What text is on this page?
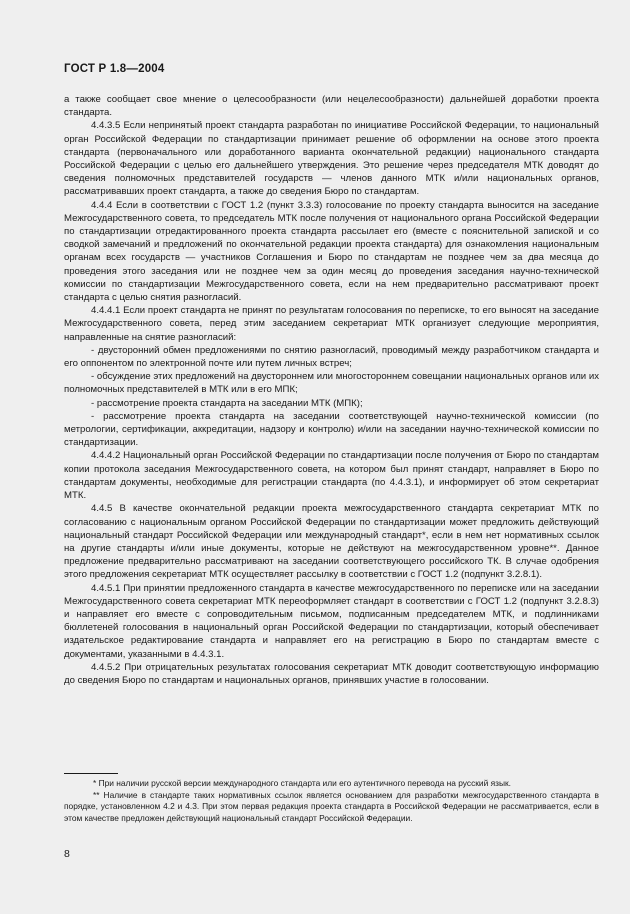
ГОСТ Р 1.8—2004

а также сообщает свое мнение о целесообразности (или нецелесообразности) дальнейшей доработки проекта стандарта.

4.4.3.5 Если непринятый проект стандарта разработан по инициативе Российской Федерации, то национальный орган Российской Федерации по стандартизации принимает решение об оформлении на основе этого проекта стандарта (первоначального или доработанного варианта окончательной редакции) национального стандарта Российской Федерации с целью его дальнейшего утверждения. Это решение через председателя МТК доводят до сведения полномочных представителей государств — членов данного МТК и/или национальных органов, рассматривавших проект стандарта, а также до сведения Бюро по стандартам.

4.4.4 Если в соответствии с ГОСТ 1.2 (пункт 3.3.3) голосование по проекту стандарта выносится на заседание Межгосударственного совета, то председатель МТК после получения от национального органа Российской Федерации по стандартизации отредактированного проекта стандарта рассылает его (вместе с пояснительной запиской и со сводкой замечаний и предложений по окончательной редакции проекта стандарта) для ознакомления национальным органам всех государств — участников Соглашения и Бюро по стандартам не позднее чем за два месяца до проведения этого заседания или не позднее чем за один месяц до проведения заседания научно-технической комиссии по стандартизации Межгосударственного совета, если на нем предварительно рассматривают проект стандарта с целью снятия разногласий.

4.4.4.1 Если проект стандарта не принят по результатам голосования по переписке, то его выносят на заседание Межгосударственного совета, перед этим заседанием секретариат МТК организует следующие мероприятия, направленные на снятие разногласий:

- двусторонний обмен предложениями по снятию разногласий, проводимый между разработчиком стандарта и его оппонентом по электронной почте или путем личных встреч;

- обсуждение этих предложений на двустороннем или многостороннем совещании национальных органов или их полномочных представителей в МТК или в его МПК;

- рассмотрение проекта стандарта на заседании МТК (МПК);

- рассмотрение проекта стандарта на заседании соответствующей научно-технической комиссии (по метрологии, сертификации, аккредитации, надзору и контролю) и/или на заседании научно-технической комиссии по стандартизации.

4.4.4.2 Национальный орган Российской Федерации по стандартизации после получения от Бюро по стандартам копии протокола заседания Межгосударственного совета, на котором был принят стандарт, направляет в Бюро по стандартам документы, необходимые для регистрации стандарта (по 4.4.3.1), и информирует об этом секретариат МТК.

4.4.5 В качестве окончательной редакции проекта межгосударственного стандарта секретариат МТК по согласованию с национальным органом Российской Федерации по стандартизации может предложить действующий национальный стандарт Российской Федерации или международный стандарт*, если в нем нет нормативных ссылок на другие стандарты и/или иные документы, которые не действуют на межгосударственном уровне**. Данное предложение предварительно рассматривают на заседании соответствующего российского ТК. В случае одобрения этого предложения секретариат МТК осуществляет рассылку в соответствии с ГОСТ 1.2 (подпункт 3.2.8.1).

4.4.5.1 При принятии предложенного стандарта в качестве межгосударственного по переписке или на заседании Межгосударственного совета секретариат МТК переоформляет стандарт в соответствии с ГОСТ 1.2 (подпункт 3.2.8.3) и направляет его вместе с сопроводительным письмом, подписанным председателем МТК, и подлинниками бюллетеней голосования в национальный орган Российской Федерации по стандартизации, который обеспечивает издательское редактирование стандарта и направляет его на регистрацию в Бюро по стандартам вместе с документами, указанными в 4.4.3.1.

4.4.5.2 При отрицательных результатах голосования секретариат МТК доводит соответствующую информацию до сведения Бюро по стандартам и национальных органов, принявших участие в голосовании.

* При наличии русской версии международного стандарта или его аутентичного перевода на русский язык.

** Наличие в стандарте таких нормативных ссылок является основанием для разработки межгосударственного стандарта в порядке, установленном 4.2 и 4.3. При этом первая редакция проекта стандарта в Российской Федерации не рассматривается, если в этом качестве предложен действующий национальный стандарт Российской Федерации.

8
